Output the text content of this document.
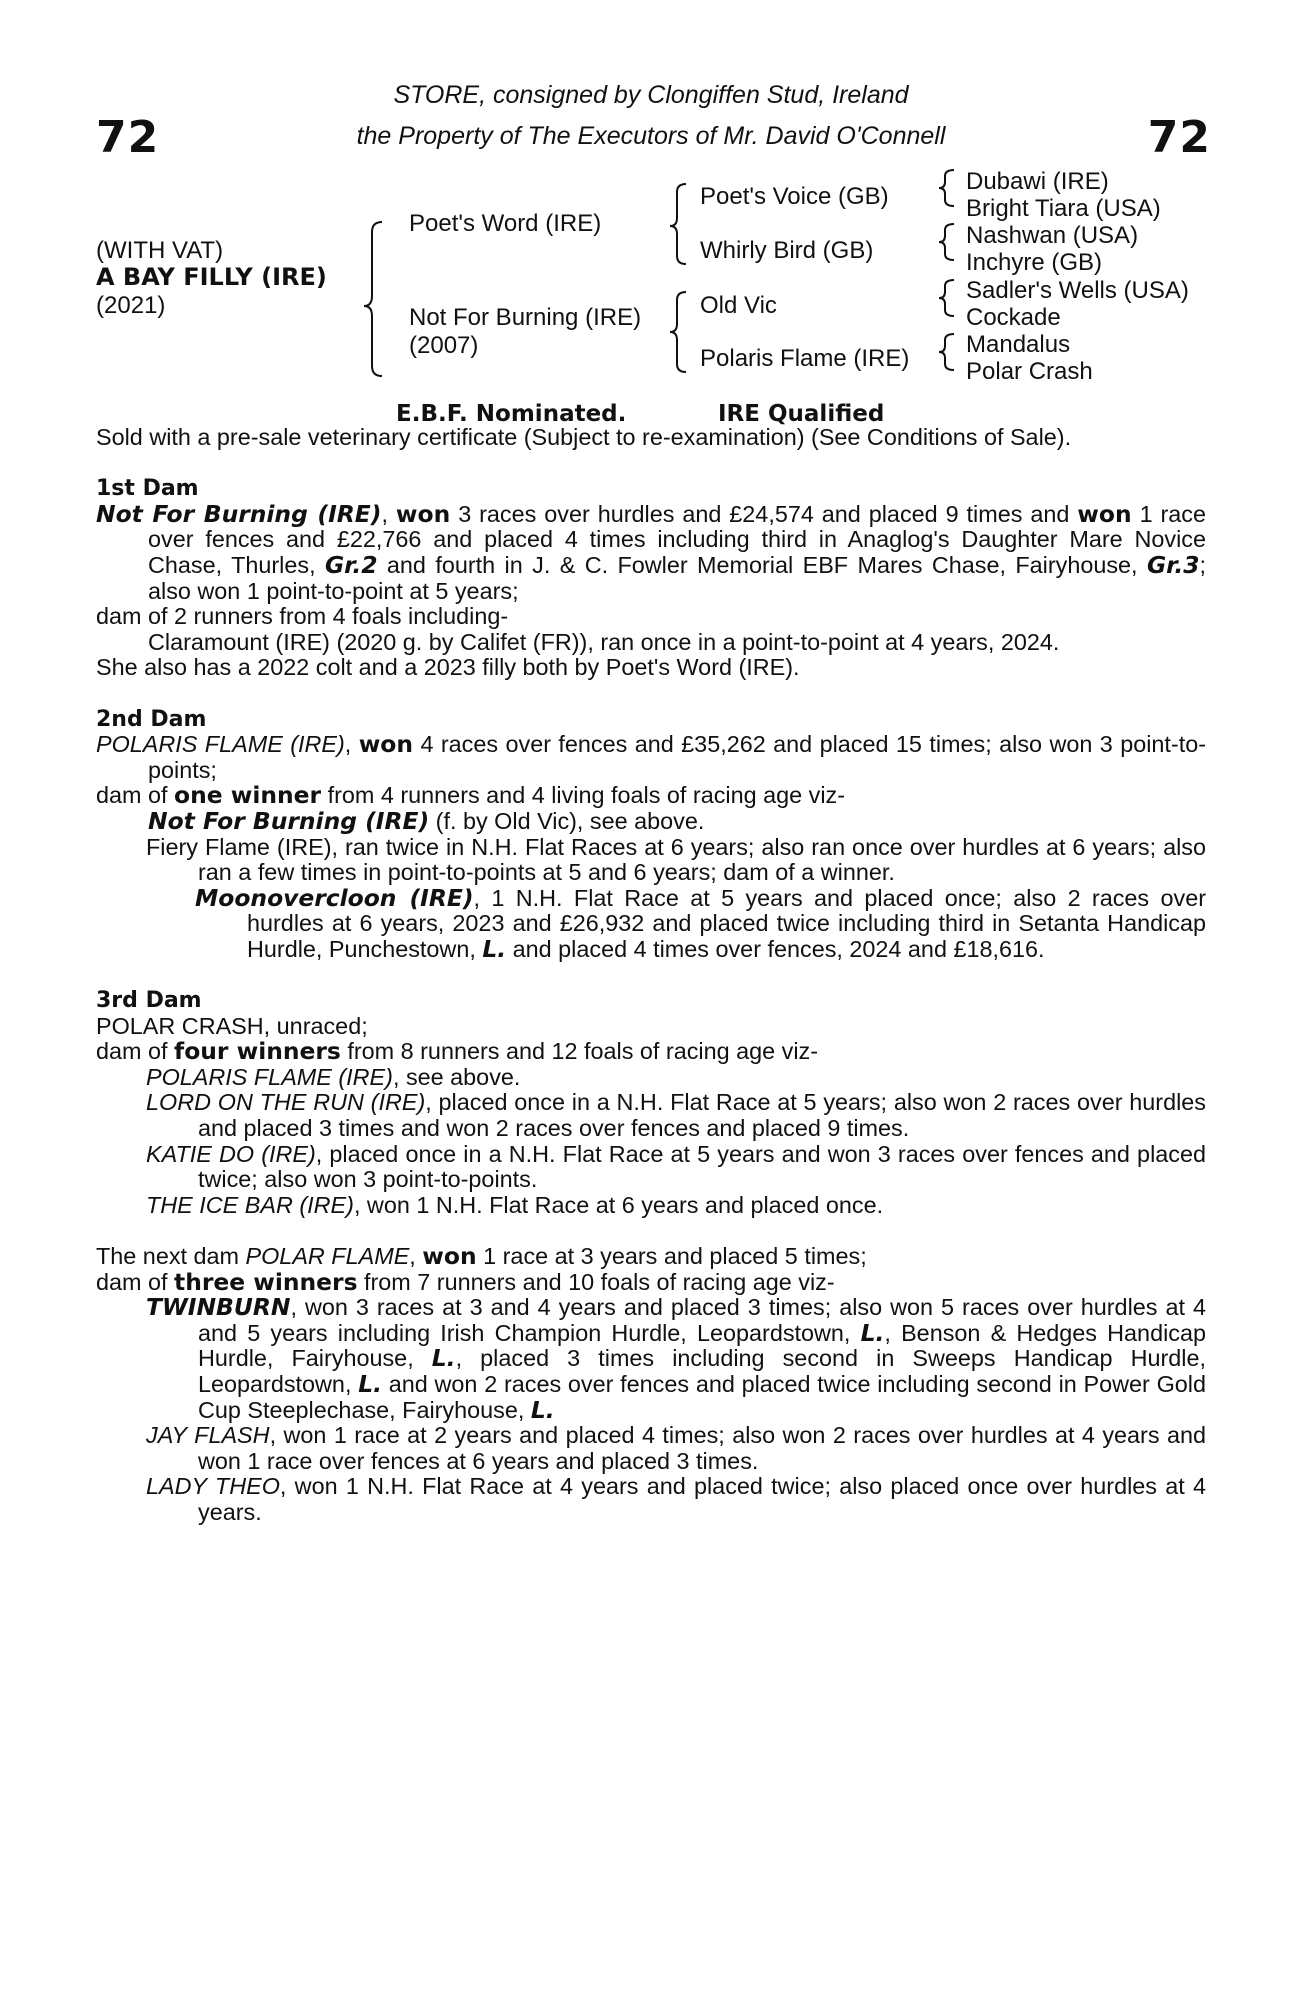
72	72
STORE, consigned by Clongiffen Stud, Ireland
the Property of The Executors of Mr. David O'Connell
(WITH VAT)
A BAY FILLY (IRE)
(2021)
Poet's Word (IRE)
Not For Burning (IRE)
(2007)
Poet's Voice (GB)
Whirly Bird (GB)
Old Vic
Polaris Flame (IRE)
Dubawi (IRE)
Bright Tiara (USA)
Nashwan (USA)
Inchyre (GB)
Sadler's Wells (USA)
Cockade
Mandalus
Polar Crash
E.B.F. Nominated.	IRE Qualified

Sold with a pre-sale veterinary certificate (Subject to re-examination) (See Conditions of Sale).

1st Dam

Not For Burning (IRE), won 3 races over hurdles and £24,574 and placed 9 times and won 1 race over fences and £22,766 and placed 4 times including third in Anaglog's Daughter Mare Novice Chase, Thurles, Gr.2 and fourth in J. & C. Fowler Memorial EBF Mares Chase, Fairyhouse, Gr.3; also won 1 point-to-point at 5 years;

dam of 2 runners from 4 foals including-

Claramount (IRE) (2020 g. by Califet (FR)), ran once in a point-to-point at 4 years, 2024.

She also has a 2022 colt and a 2023 filly both by Poet's Word (IRE).

2nd Dam

POLARIS FLAME (IRE), won 4 races over fences and £35,262 and placed 15 times; also won 3 point-to-points;

dam of one winner from 4 runners and 4 living foals of racing age viz-

Not For Burning (IRE) (f. by Old Vic), see above.

Fiery Flame (IRE), ran twice in N.H. Flat Races at 6 years; also ran once over hurdles at 6 years; also ran a few times in point-to-points at 5 and 6 years; dam of a winner.

Moonovercloon (IRE), 1 N.H. Flat Race at 5 years and placed once; also 2 races over hurdles at 6 years, 2023 and £26,932 and placed twice including third in Setanta Handicap Hurdle, Punchestown, L. and placed 4 times over fences, 2024 and £18,616.

3rd Dam

POLAR CRASH, unraced;

dam of four winners from 8 runners and 12 foals of racing age viz-

POLARIS FLAME (IRE), see above.

LORD ON THE RUN (IRE), placed once in a N.H. Flat Race at 5 years; also won 2 races over hurdles and placed 3 times and won 2 races over fences and placed 9 times.

KATIE DO (IRE), placed once in a N.H. Flat Race at 5 years and won 3 races over fences and placed twice; also won 3 point-to-points.

THE ICE BAR (IRE), won 1 N.H. Flat Race at 6 years and placed once.

The next dam POLAR FLAME, won 1 race at 3 years and placed 5 times;

dam of three winners from 7 runners and 10 foals of racing age viz-

TWINBURN, won 3 races at 3 and 4 years and placed 3 times; also won 5 races over hurdles at 4 and 5 years including Irish Champion Hurdle, Leopardstown, L., Benson & Hedges Handicap Hurdle, Fairyhouse, L., placed 3 times including second in Sweeps Handicap Hurdle, Leopardstown, L. and won 2 races over fences and placed twice including second in Power Gold Cup Steeplechase, Fairyhouse, L.

JAY FLASH, won 1 race at 2 years and placed 4 times; also won 2 races over hurdles at 4 years and won 1 race over fences at 6 years and placed 3 times.

LADY THEO, won 1 N.H. Flat Race at 4 years and placed twice; also placed once over hurdles at 4 years.
